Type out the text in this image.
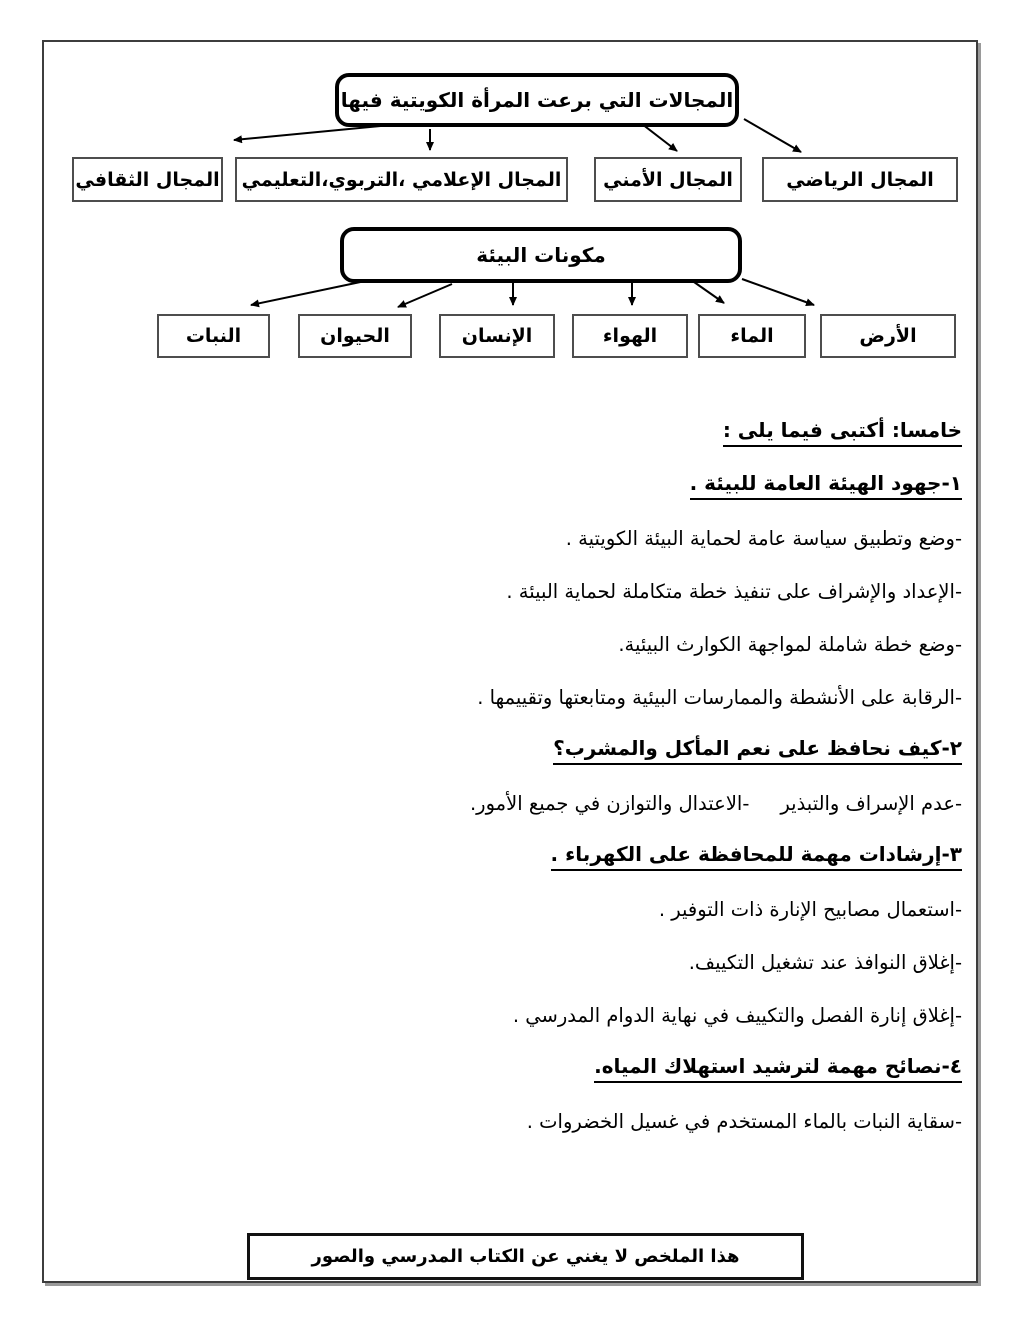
المجالات التي برعت المرأة الكويتية فيها
المجال الرياضي
المجال الأمني
المجال الإعلامي ،التربوي،التعليمي
المجال الثقافي
مكونات البيئة
الأرض
الماء
الهواء
الإنسان
الحيوان
النبات
خامسا: أكتبى فيما يلى :
١-جهود الهيئة العامة للبيئة .
-وضع وتطبيق سياسة عامة لحماية البيئة الكويتية .
-الإعداد والإشراف على تنفيذ خطة متكاملة لحماية البيئة .
-وضع خطة شاملة لمواجهة الكوارث البيئية.
-الرقابة على الأنشطة والممارسات البيئية ومتابعتها وتقييمها .
٢-كيف نحافظ على نعم المأكل والمشرب؟
-عدم الإسراف والتبذير     -الاعتدال والتوازن في جميع الأمور.
٣-إرشادات مهمة للمحافظة على الكهرباء .
-استعمال مصابيح الإنارة ذات التوفير .
-إغلاق النوافذ عند تشغيل التكييف.
-إغلاق إنارة الفصل والتكييف في نهاية الدوام المدرسي .
٤-نصائح مهمة لترشيد استهلاك المياه.
-سقاية النبات بالماء المستخدم في غسيل الخضروات .
هذا الملخص لا يغني عن الكتاب المدرسي والصور
